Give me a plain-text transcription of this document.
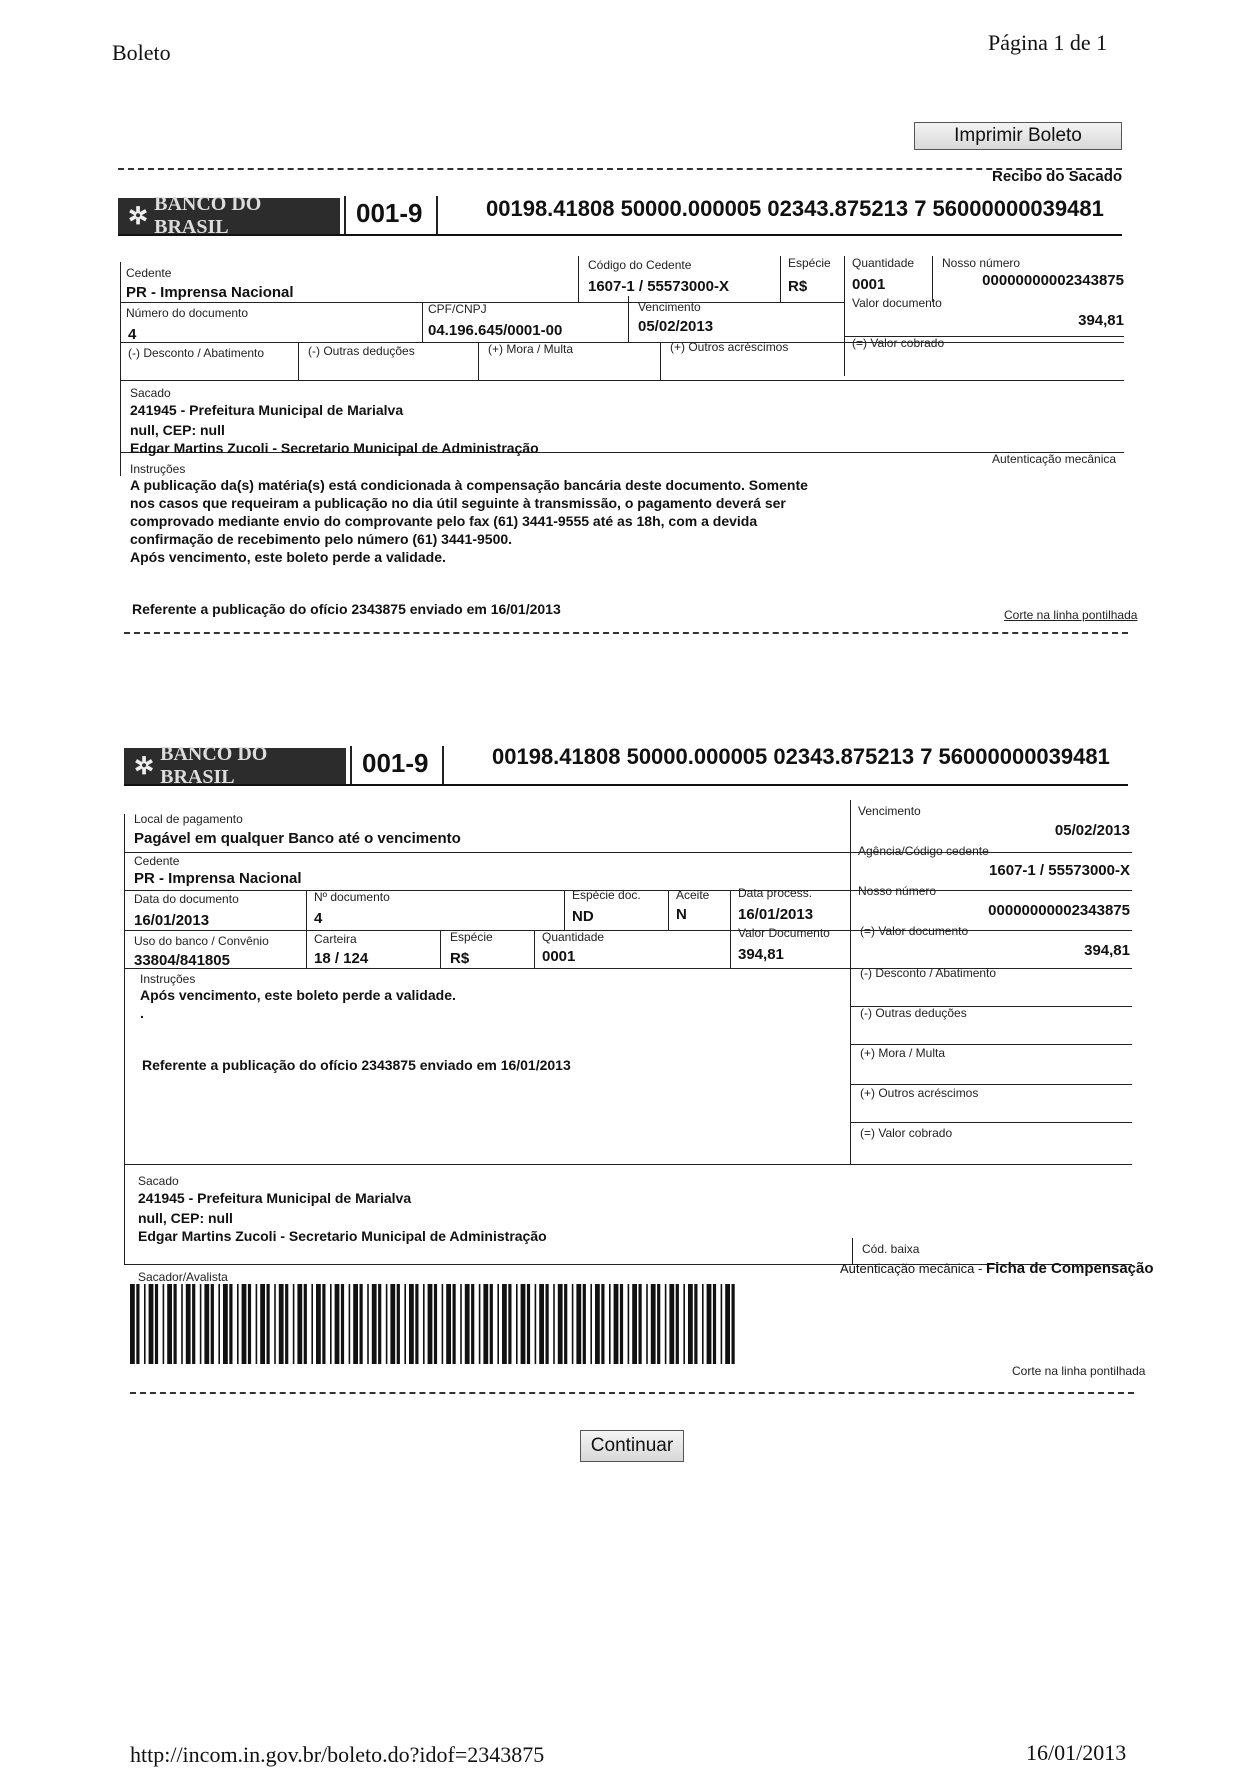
Boleto	Página 1 de 1
Imprimir Boleto
Recibo do Sacado
✲ BANCO DO BRASIL	001-9	00198.41808 50000.000005 02343.875213 7 56000000039481
Cedente
PR - Imprensa Nacional
Código do Cedente
1607-1 / 55573000-X
Espécie
R$
Quantidade
0001
Nosso número
00000000002343875
Número do documento
4
CPF/CNPJ
04.196.645/0001-00
Vencimento
05/02/2013
Valor documento
394,81
(-) Desconto / Abatimento	(-) Outras deduções	(+) Mora / Multa	(+) Outros acréscimos	(=) Valor cobrado
Sacado
241945 - Prefeitura Municipal de Marialva
null, CEP: null
Edgar Martins Zucoli - Secretario Municipal de Administração
Autenticação mecânica
Instruções
A publicação da(s) matéria(s) está condicionada à compensação bancária deste documento. Somente
nos casos que requeiram a publicação no dia útil seguinte à transmissão, o pagamento deverá ser
comprovado mediante envio do comprovante pelo fax (61) 3441-9555 até as 18h, com a devida
confirmação de recebimento pelo número (61) 3441-9500.
Após vencimento, este boleto perde a validade.
Referente a publicação do ofício 2343875 enviado em 16/01/2013	Corte na linha pontilhada
✲ BANCO DO BRASIL	001-9	00198.41808 50000.000005 02343.875213 7 56000000039481
Local de pagamento
Pagável em qualquer Banco até o vencimento
Vencimento
05/02/2013
Cedente
PR - Imprensa Nacional
Agência/Código cedente
1607-1 / 55573000-X
Data do documento
16/01/2013
Nº documento
4
Espécie doc.
ND
Aceite
N
Data process.
16/01/2013
Nosso número
00000000002343875
Uso do banco / Convênio
33804/841805
Carteira
18 / 124
Espécie
R$
Quantidade
0001
Valor Documento
394,81
(=) Valor documento
394,81
Instruções
Após vencimento, este boleto perde a validade.
.
Referente a publicação do ofício 2343875 enviado em 16/01/2013
(-) Desconto / Abatimento
(-) Outras deduções
(+) Mora / Multa
(+) Outros acréscimos
(=) Valor cobrado
Sacado
241945 - Prefeitura Municipal de Marialva
null, CEP: null
Edgar Martins Zucoli - Secretario Municipal de Administração
Cód. baixa
Sacador/Avalista
Autenticação mecânica - Ficha de Compensação
Corte na linha pontilhada
Continuar
http://incom.in.gov.br/boleto.do?idof=2343875	16/01/2013
